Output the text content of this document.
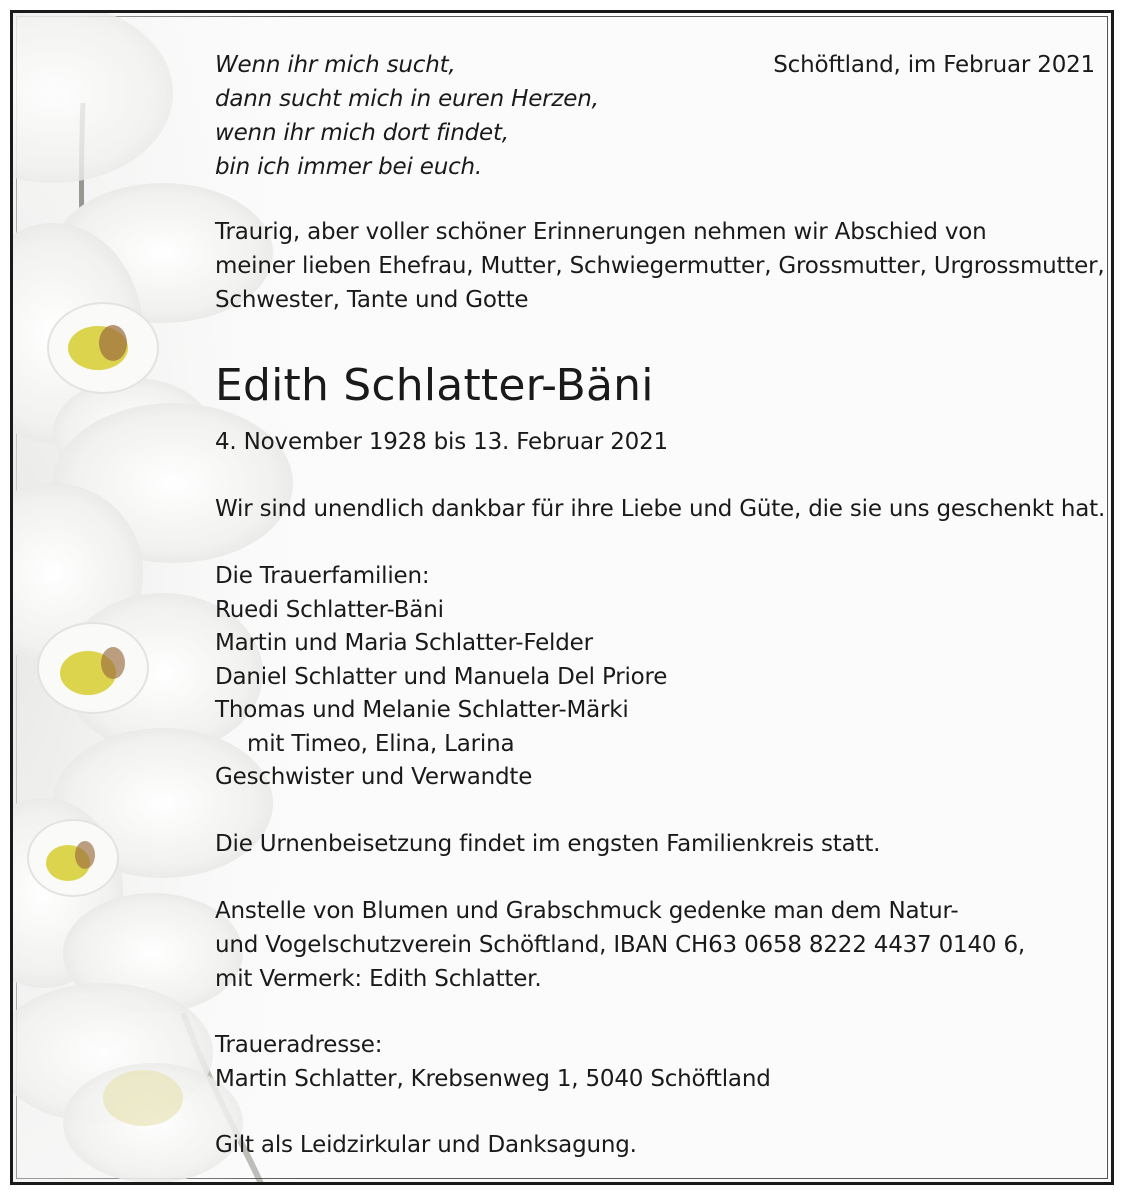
Schöftland, im Februar 2021
Wenn ihr mich sucht,
dann sucht mich in euren Herzen,
wenn ihr mich dort findet,
bin ich immer bei euch.
Traurig, aber voller schöner Erinnerungen nehmen wir Abschied von
meiner lieben Ehefrau, Mutter, Schwiegermutter, Grossmutter, Urgrossmutter,
Schwester, Tante und Gotte
Edith Schlatter-Bäni
4. November 1928 bis 13. Februar 2021
Wir sind unendlich dankbar für ihre Liebe und Güte, die sie uns geschenkt hat.
Die Trauerfamilien:
Ruedi Schlatter-Bäni
Martin und Maria Schlatter-Felder
Daniel Schlatter und Manuela Del Priore
Thomas und Melanie Schlatter-Märki
mit Timeo, Elina, Larina
Geschwister und Verwandte
Die Urnenbeisetzung findet im engsten Familienkreis statt.
Anstelle von Blumen und Grabschmuck gedenke man dem Natur-
und Vogelschutzverein Schöftland, IBAN CH63 0658 8222 4437 0140 6,
mit Vermerk: Edith Schlatter.
Traueradresse:
Martin Schlatter, Krebsenweg 1, 5040 Schöftland
Gilt als Leidzirkular und Danksagung.
